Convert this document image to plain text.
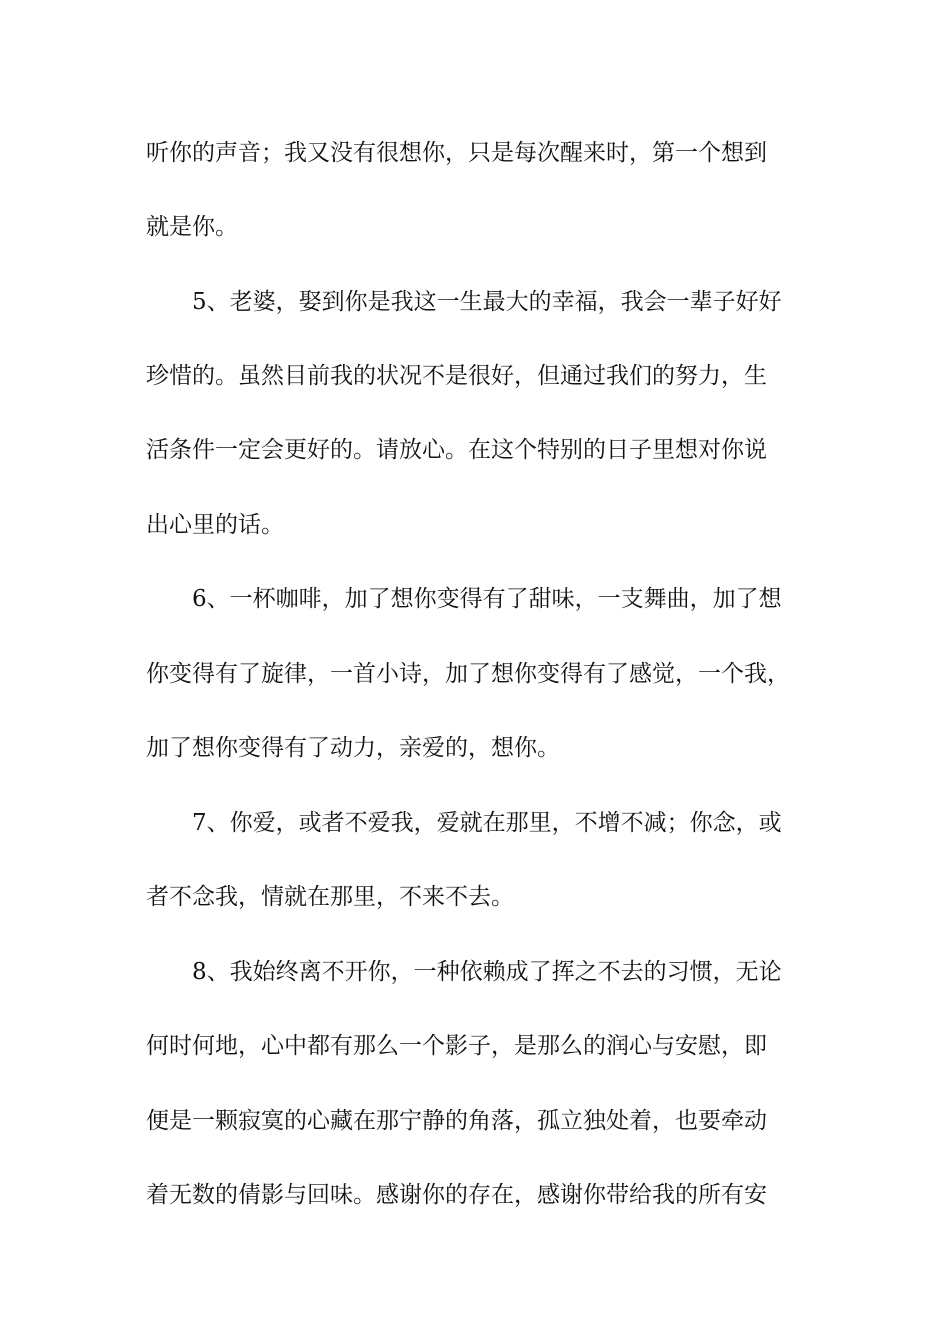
听你的声音；我又没有很想你，只是每次醒来时，第一个想到
就是你。
　　5、老婆，娶到你是我这一生最大的幸福，我会一辈子好好
珍惜的。虽然目前我的状况不是很好，但通过我们的努力，生
活条件一定会更好的。请放心。在这个特别的日子里想对你说
出心里的话。
　　6、一杯咖啡，加了想你变得有了甜味，一支舞曲，加了想
你变得有了旋律，一首小诗，加了想你变得有了感觉，一个我，
加了想你变得有了动力，亲爱的，想你。
　　7、你爱，或者不爱我，爱就在那里，不增不减；你念，或
者不念我，情就在那里，不来不去。
　　8、我始终离不开你，一种依赖成了挥之不去的习惯，无论
何时何地，心中都有那么一个影子，是那么的润心与安慰，即
便是一颗寂寞的心藏在那宁静的角落，孤立独处着，也要牵动
着无数的倩影与回味。感谢你的存在，感谢你带给我的所有安
